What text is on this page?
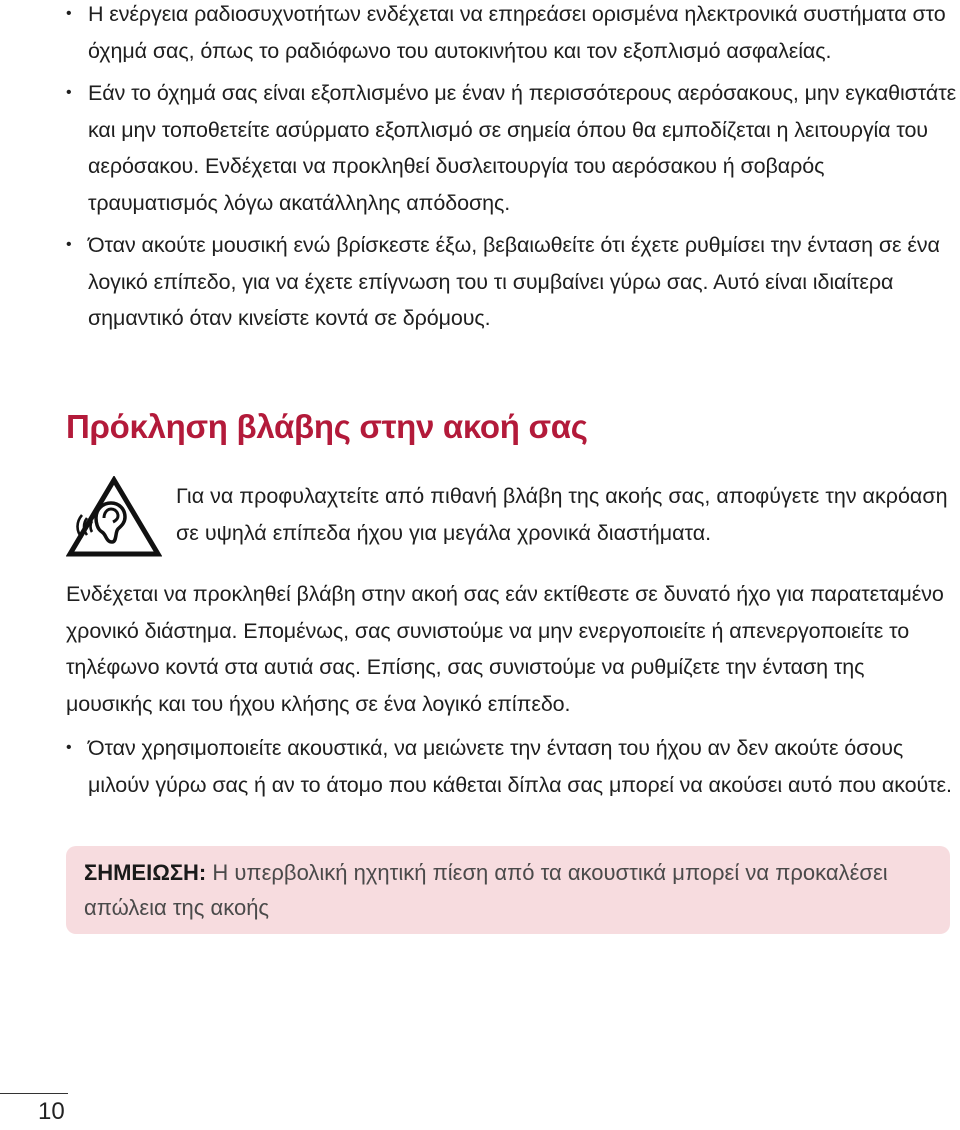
• Η ενέργεια ραδιοσυχνοτήτων ενδέχεται να επηρεάσει ορισμένα ηλεκτρονικά συστήματα στο όχημά σας, όπως το ραδιόφωνο του αυτοκινήτου και τον εξοπλισμό ασφαλείας.
• Εάν το όχημά σας είναι εξοπλισμένο με έναν ή περισσότερους αερόσακους, μην εγκαθιστάτε και μην τοποθετείτε ασύρματο εξοπλισμό σε σημεία όπου θα εμποδίζεται η λειτουργία του αερόσακου. Ενδέχεται να προκληθεί δυσλειτουργία του αερόσακου ή σοβαρός τραυματισμός λόγω ακατάλληλης απόδοσης.
• Όταν ακούτε μουσική ενώ βρίσκεστε έξω, βεβαιωθείτε ότι έχετε ρυθμίσει την ένταση σε ένα λογικό επίπεδο, για να έχετε επίγνωση του τι συμβαίνει γύρω σας. Αυτό είναι ιδιαίτερα σημαντικό όταν κινείστε κοντά σε δρόμους.
Πρόκληση βλάβης στην ακοή σας

Για να προφυλαχτείτε από πιθανή βλάβη της ακοής σας, αποφύγετε την ακρόαση σε υψηλά επίπεδα ήχου για μεγάλα χρονικά διαστήματα.

Ενδέχεται να προκληθεί βλάβη στην ακοή σας εάν εκτίθεστε σε δυνατό ήχο για παρατεταμένο χρονικό διάστημα. Επομένως, σας συνιστούμε να μην ενεργοποιείτε ή απενεργοποιείτε το τηλέφωνο κοντά στα αυτιά σας. Επίσης, σας συνιστούμε να ρυθμίζετε την ένταση της μουσικής και του ήχου κλήσης σε ένα λογικό επίπεδο.

• Όταν χρησιμοποιείτε ακουστικά, να μειώνετε την ένταση του ήχου αν δεν ακούτε όσους μιλούν γύρω σας ή αν το άτομο που κάθεται δίπλα σας μπορεί να ακούσει αυτό που ακούτε.
ΣΗΜΕΙΩΣΗ: Η υπερβολική ηχητική πίεση από τα ακουστικά μπορεί να προκαλέσει απώλεια της ακοής
10
